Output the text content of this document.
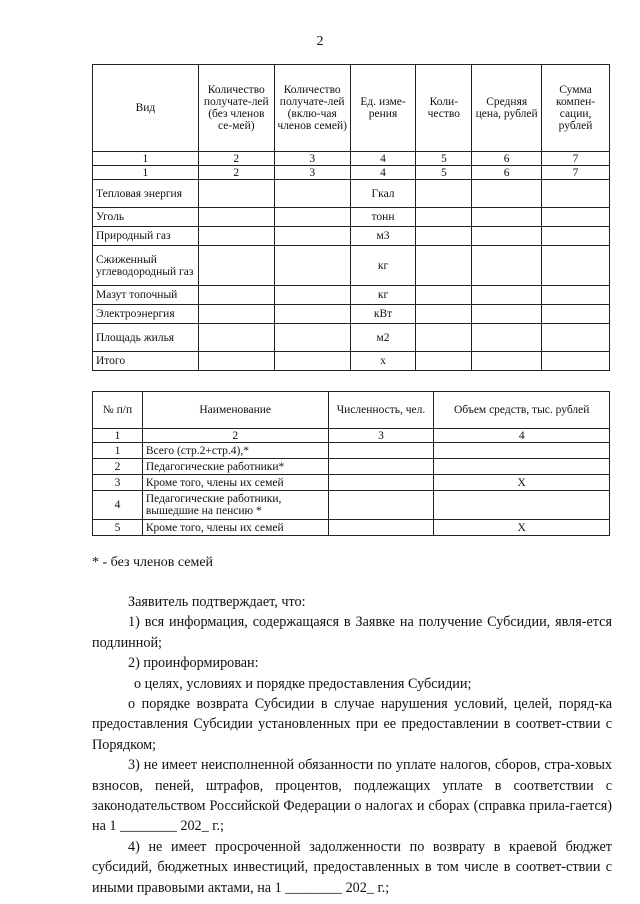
2
Вид	Количество получате-лей (без членов се-мей)	Количество получате-лей (вклю-чая членов семей)	Ед. изме-рения	Коли-чество	Средняя цена, рублей	Сумма компен-сации, рублей
1	2	3	4	5	6	7
1	2	3	4	5	6	7
Тепловая энергия			Гкал			
Уголь			тонн			
Природный газ			м3			
Сжиженный углеводородный газ			кг			
Мазут топочный			кг			
Электроэнергия			кВт			
Площадь жилья			м2			
Итого			х			
№ п/п	Наименование	Численность, чел.	Объем средств, тыс. рублей
1	2	3	4
1	Всего (стр.2+стр.4),*		
2	Педагогические работники*		
3	Кроме того, члены их семей		X
4	Педагогические работники, вышедшие на пенсию *		
5	Кроме того, члены их семей		X
* - без членов семей

Заявитель подтверждает, что:

1) вся информация, содержащаяся в Заявке на получение Субсидии, явля-ется подлинной;

2) проинформирован:

о целях, условиях и порядке предоставления Субсидии;

о порядке возврата Субсидии в случае нарушения условий, целей, поряд-ка предоставления Субсидии установленных при ее предоставлении в соответ-ствии с Порядком;

3) не имеет неисполненной обязанности по уплате налогов, сборов, стра-ховых взносов, пеней, штрафов, процентов, подлежащих уплате в соответствии с законодательством Российской Федерации о налогах и сборах (справка прила-гается) на 1 ________ 202_ г.;

4) не имеет просроченной задолженности по возврату в краевой бюджет субсидий, бюджетных инвестиций, предоставленных в том числе в соответ-ствии с иными правовыми актами, на 1 ________ 202_ г.;
